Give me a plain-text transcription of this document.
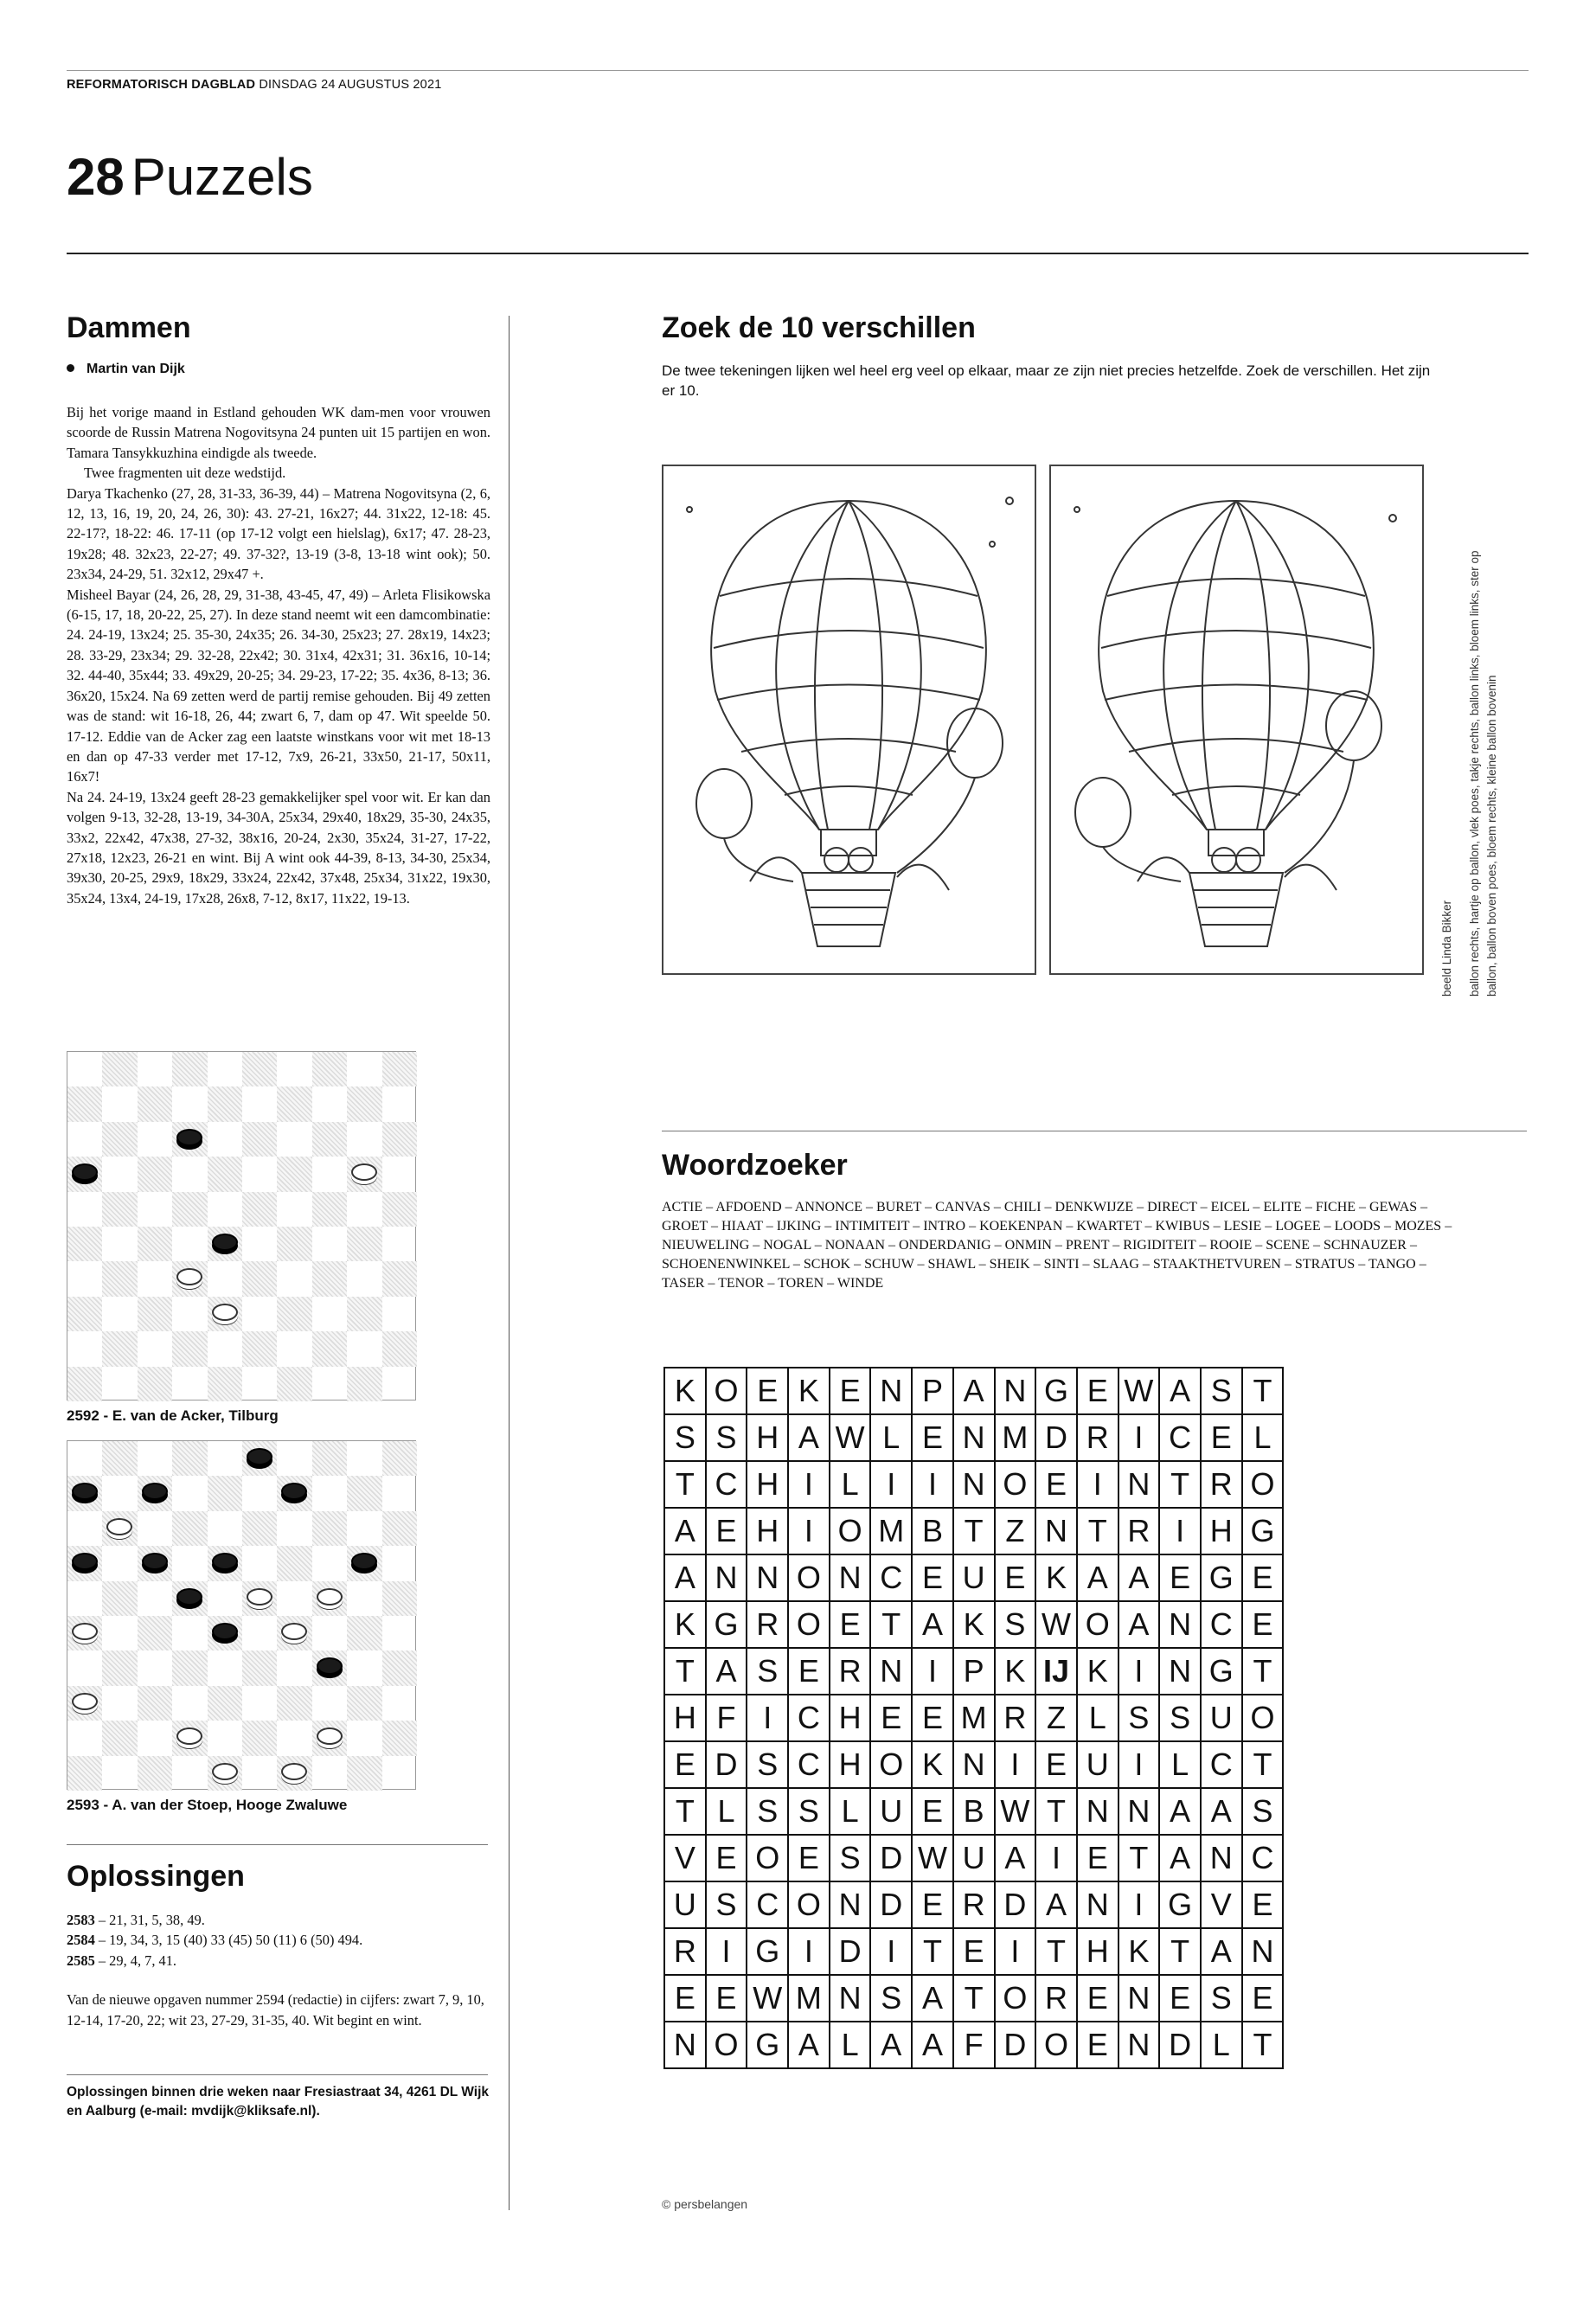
REFORMATORISCH DAGBLAD DINSDAG 24 AUGUSTUS 2021
28 Puzzels
Dammen
Martin van Dijk

Bij het vorige maand in Estland gehouden WK dam-men voor vrouwen scoorde de Russin Matrena Nogovitsyna 24 punten uit 15 partijen en won. Tamara Tansykkuzhina eindigde als tweede.

Twee fragmenten uit deze wedstijd.

Darya Tkachenko (27, 28, 31-33, 36-39, 44) – Matrena Nogovitsyna (2, 6, 12, 13, 16, 19, 20, 24, 26, 30): 43. 27-21, 16x27; 44. 31x22, 12-18: 45. 22-17?, 18-22: 46. 17-11 (op 17-12 volgt een hielslag), 6x17; 47. 28-23, 19x28; 48. 32x23, 22-27; 49. 37-32?, 13-19 (3-8, 13-18 wint ook); 50. 23x34, 24-29, 51. 32x12, 29x47 +.

Misheel Bayar (24, 26, 28, 29, 31-38, 43-45, 47, 49) – Arleta Flisikowska (6-15, 17, 18, 20-22, 25, 27). In deze stand neemt wit een damcombinatie: 24. 24-19, 13x24; 25. 35-30, 24x35; 26. 34-30, 25x23; 27. 28x19, 14x23; 28. 33-29, 23x34; 29. 32-28, 22x42; 30. 31x4, 42x31; 31. 36x16, 10-14; 32. 44-40, 35x44; 33. 49x29, 20-25; 34. 29-23, 17-22; 35. 4x36, 8-13; 36. 36x20, 15x24. Na 69 zetten werd de partij remise gehouden. Bij 49 zetten was de stand: wit 16-18, 26, 44; zwart 6, 7, dam op 47. Wit speelde 50. 17-12. Eddie van de Acker zag een laatste winstkans voor wit met 18-13 en dan op 47-33 verder met 17-12, 7x9, 26-21, 33x50, 21-17, 50x11, 16x7!

Na 24. 24-19, 13x24 geeft 28-23 gemakkelijker spel voor wit. Er kan dan volgen 9-13, 32-28, 13-19, 34-30A, 25x34, 29x40, 18x29, 35-30, 24x35, 33x2, 22x42, 47x38, 27-32, 38x16, 20-24, 2x30, 35x24, 31-27, 17-22, 27x18, 12x23, 26-21 en wint. Bij A wint ook 44-39, 8-13, 34-30, 25x34, 39x30, 20-25, 29x9, 18x29, 33x24, 22x42, 37x48, 25x34, 31x22, 19x30, 35x24, 13x4, 24-19, 17x28, 26x8, 7-12, 8x17, 11x22, 19-13.

2592 - E. van de Acker, Tilburg
2593 - A. van der Stoep, Hooge Zwaluwe
Oplossingen

2583 – 21, 31, 5, 38, 49.

2584 – 19, 34, 3, 15 (40) 33 (45) 50 (11) 6 (50) 494.

2585 – 29, 4, 7, 41.

Van de nieuwe opgaven nummer 2594 (redactie) in cijfers: zwart 7, 9, 10, 12-14, 17-20, 22; wit 23, 27-29, 31-35, 40. Wit begint en wint.

Oplossingen binnen drie weken naar Fresiastraat 34, 4261 DL Wijk en Aalburg (e-mail: mvdijk@kliksafe.nl).
Zoek de 10 verschillen
De twee tekeningen lijken wel heel erg veel op elkaar, maar ze zijn niet precies hetzelfde. Zoek de verschillen. Het zijn er 10.
beeld Linda Bikker ballon rechts, hartje op ballon, vlek poes, takje rechts, ballon links, bloem links, ster op ballon, ballon boven poes, bloem rechts, kleine ballon bovenin
Woordzoeker
ACTIE – AFDOEND – ANNONCE – BURET – CANVAS – CHILI – DENKWIJZE – DIRECT – EICEL – ELITE – FICHE – GEWAS – GROET – HIAAT – IJKING – INTIMITEIT – INTRO – KOEKENPAN – KWARTET – KWIBUS – LESIE – LOGEE – LOODS – MOZES – NIEUWELING – NOGAL – NONAAN – ONDERDANIG – ONMIN – PRENT – RIGIDITEIT – ROOIE – SCENE – SCHNAUZER – SCHOENENWINKEL – SCHOK – SCHUW – SHAWL – SHEIK – SINTI – SLAAG – STAAKTHETVUREN – STRATUS – TANGO – TASER – TENOR – TOREN – WINDE
K	O	E	K	E	N	P	A	N	G	E	W	A	S	T
S	S	H	A	W	L	E	N	M	D	R	I	C	E	L
T	C	H	I	L	I	I	N	O	E	I	N	T	R	O
A	E	H	I	O	M	B	T	Z	N	T	R	I	H	G
A	N	N	O	N	C	E	U	E	K	A	A	E	G	E
K	G	R	O	E	T	A	K	S	W	O	A	N	C	E
T	A	S	E	R	N	I	P	K	IJ	K	I	N	G	T
H	F	I	C	H	E	E	M	R	Z	L	S	S	U	O
E	D	S	C	H	O	K	N	I	E	U	I	L	C	T
T	L	S	S	L	U	E	B	W	T	N	N	A	A	S
V	E	O	E	S	D	W	U	A	I	E	T	A	N	C
U	S	C	O	N	D	E	R	D	A	N	I	G	V	E
R	I	G	I	D	I	T	E	I	T	H	K	T	A	N
E	E	W	M	N	S	A	T	O	R	E	N	E	S	E
N	O	G	A	L	A	A	F	D	O	E	N	D	L	T
© persbelangen
